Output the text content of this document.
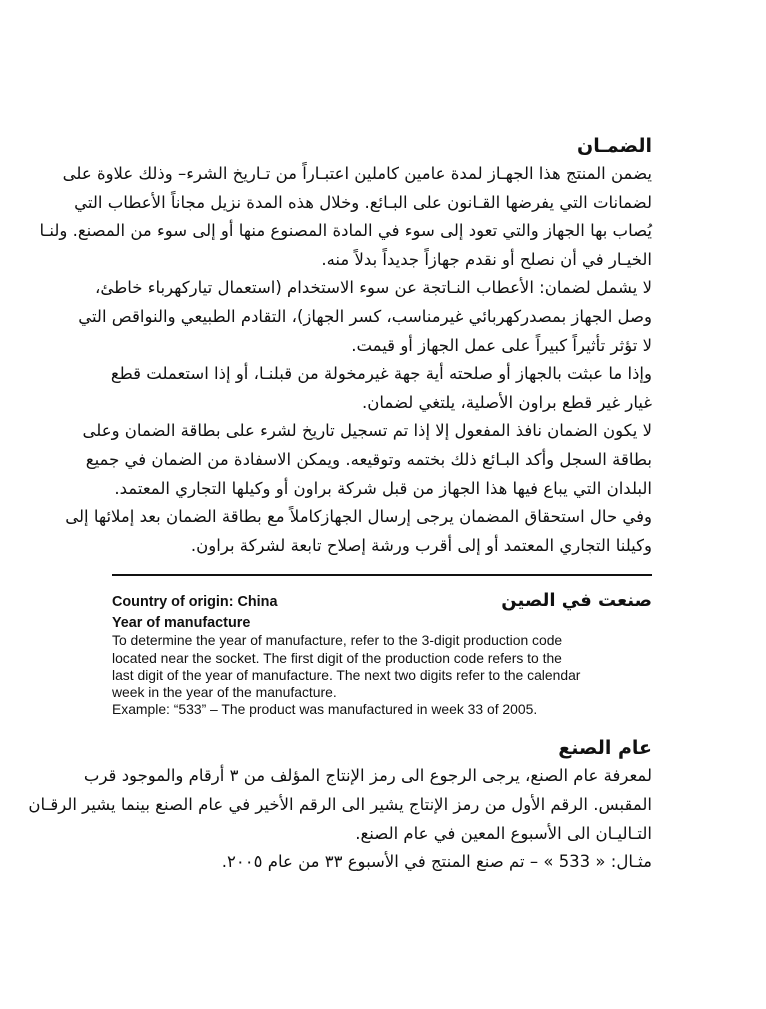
الضمـان

يضمن المنتج هذا الجهـاز لمدة عامين كاملين اعتبـاراً من تـاريخ الشرء– وذلك علاوة على

لضمانات التي يفرضها القـانون على البـائع. وخلال هذه المدة نزيل مجاناً الأعطاب التي

يُصاب بها الجهاز والتي تعود إلى سوء في المادة المصنوع منها أو إلى سوء من المصنع. ولنـا

الخيـار في أن نصلح أو نقدم جهازاً جديداً بدلاً منه.

لا يشمل لضمان: الأعطاب النـاتجة عن سوء الاستخدام (استعمال تياركهرباء خاطئ،

وصل الجهاز بمصدركهربائي غيرمناسب، كسر الجهاز)، التقادم الطبيعي والنواقص التي

لا تؤثر تأثيراً كبيراً على عمل الجهاز أو قيمت.

وإذا ما عبثت بالجهاز أو صلحته أية جهة غيرمخولة من قبلنـا، أو إذا استعملت قطع

غيار غير قطع براون الأصلية، يلتغي لضمان.

لا يكون الضمان نافذ المفعول إلا إذا تم تسجيل تاريخ لشرء على بطاقة الضمان وعلى

بطاقة السجل وأكد البـائع ذلك بختمه وتوقيعه. ويمكن الاسفادة من الضمان في جميع

البلدان التي يباع فيها هذا الجهاز من قبل شركة براون أو وكيلها التجاري المعتمد.

وفي حال استحقاق المضمان يرجى إرسال الجهازكاملاً مع بطاقة الضمان بعد إملائها إلى

وكيلنا التجاري المعتمد أو إلى أقرب ورشة إصلاح تابعة لشركة براون.

Country of origin: China	صنعت في الصين

Year of manufacture

To determine the year of manufacture, refer to the 3-digit production code

located near the socket. The first digit of the production code refers to the

last digit of the year of manufacture. The next two digits refer to the calendar

week in the year of the manufacture.

Example: “533” – The product was manufactured in week 33 of 2005.

عام الصنع

لمعرفة عام الصنع، يرجى الرجوع الى رمز الإنتاج المؤلف من ٣ أرقام والموجود قرب

المقبس. الرقم الأول من رمز الإنتاج يشير الى الرقم الأخير في عام الصنع بينما يشير الرقـان

التـاليـان الى الأسبوع المعين في عام الصنع.

مثـال: « 533 » – تم صنع المنتج في الأسبوع ٣٣ من عام ٢٠٠٥.
